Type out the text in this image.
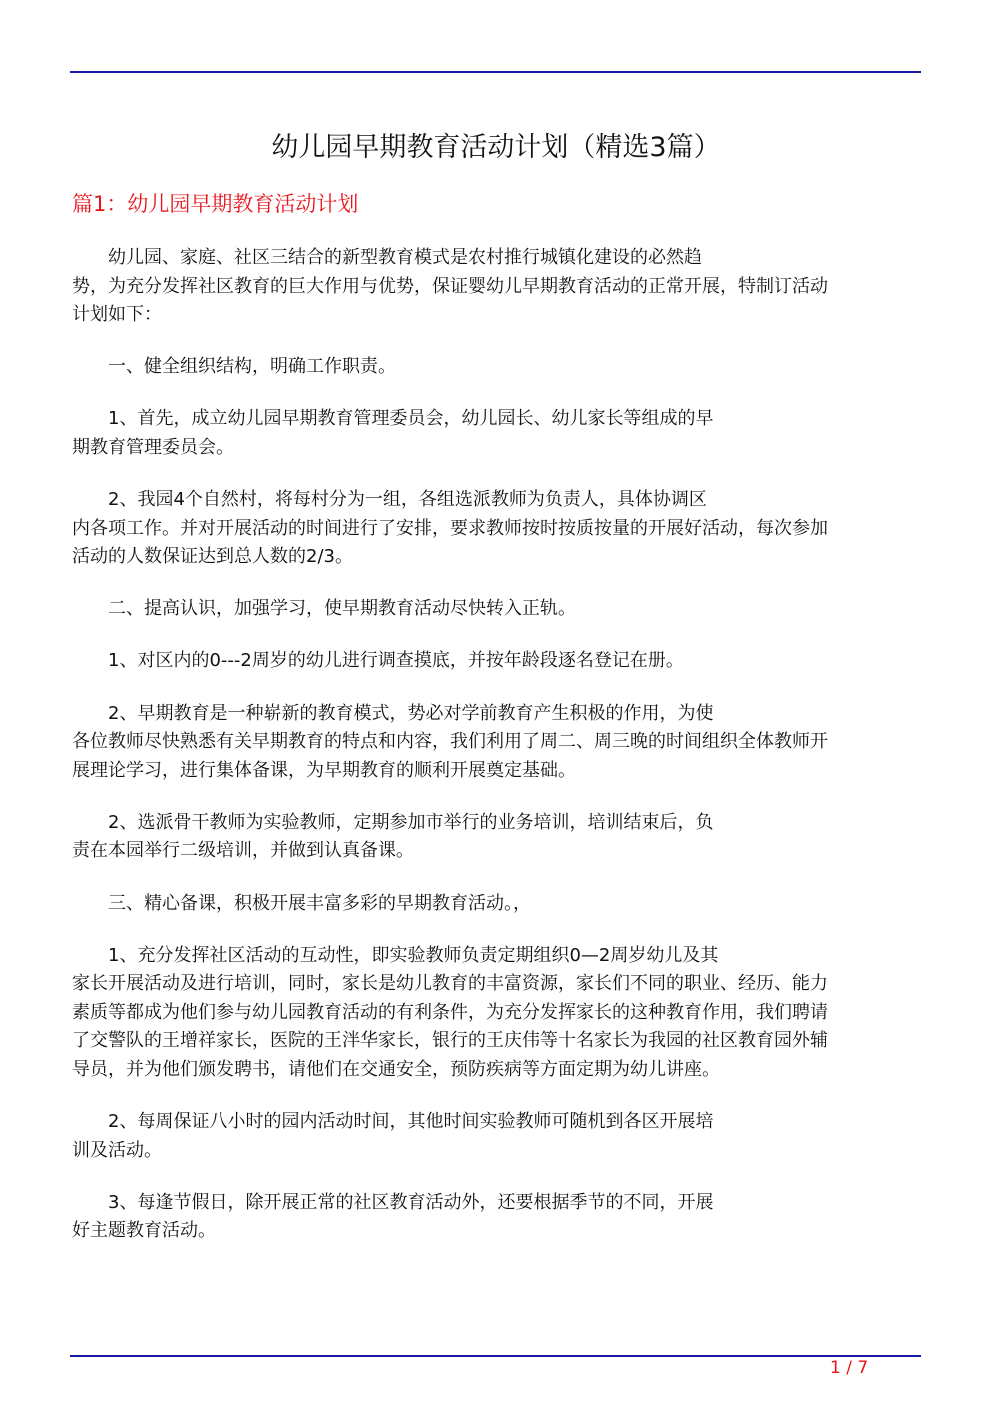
幼儿园早期教育活动计划（精选3篇）
篇1：幼儿园早期教育活动计划
幼儿园、家庭、社区三结合的新型教育模式是农村推行城镇化建设的必然趋
势，为充分发挥社区教育的巨大作用与优势，保证婴幼儿早期教育活动的正常开展，特制订活动
计划如下：
一、健全组织结构，明确工作职责。
1、首先，成立幼儿园早期教育管理委员会，幼儿园长、幼儿家长等组成的早
期教育管理委员会。
2、我园4个自然村，将每村分为一组，各组选派教师为负责人，具体协调区
内各项工作。并对开展活动的时间进行了安排，要求教师按时按质按量的开展好活动，每次参加
活动的人数保证达到总人数的2/3。
二、提高认识，加强学习，使早期教育活动尽快转入正轨。
1、对区内的0---2周岁的幼儿进行调查摸底，并按年龄段逐名登记在册。
2、早期教育是一种崭新的教育模式，势必对学前教育产生积极的作用，为使
各位教师尽快熟悉有关早期教育的特点和内容，我们利用了周二、周三晚的时间组织全体教师开
展理论学习，进行集体备课，为早期教育的顺利开展奠定基础。
2、选派骨干教师为实验教师，定期参加市举行的业务培训，培训结束后，负
责在本园举行二级培训，并做到认真备课。
三、精心备课，积极开展丰富多彩的早期教育活动。，
1、充分发挥社区活动的互动性，即实验教师负责定期组织0—2周岁幼儿及其
家长开展活动及进行培训，同时，家长是幼儿教育的丰富资源，家长们不同的职业、经历、能力
素质等都成为他们参与幼儿园教育活动的有利条件，为充分发挥家长的这种教育作用，我们聘请
了交警队的王增祥家长，医院的王泮华家长，银行的王庆伟等十名家长为我园的社区教育园外辅
导员，并为他们颁发聘书，请他们在交通安全，预防疾病等方面定期为幼儿讲座。
2、每周保证八小时的园内活动时间，其他时间实验教师可随机到各区开展培
训及活动。
3、每逢节假日，除开展正常的社区教育活动外，还要根据季节的不同，开展
好主题教育活动。
1 / 7
